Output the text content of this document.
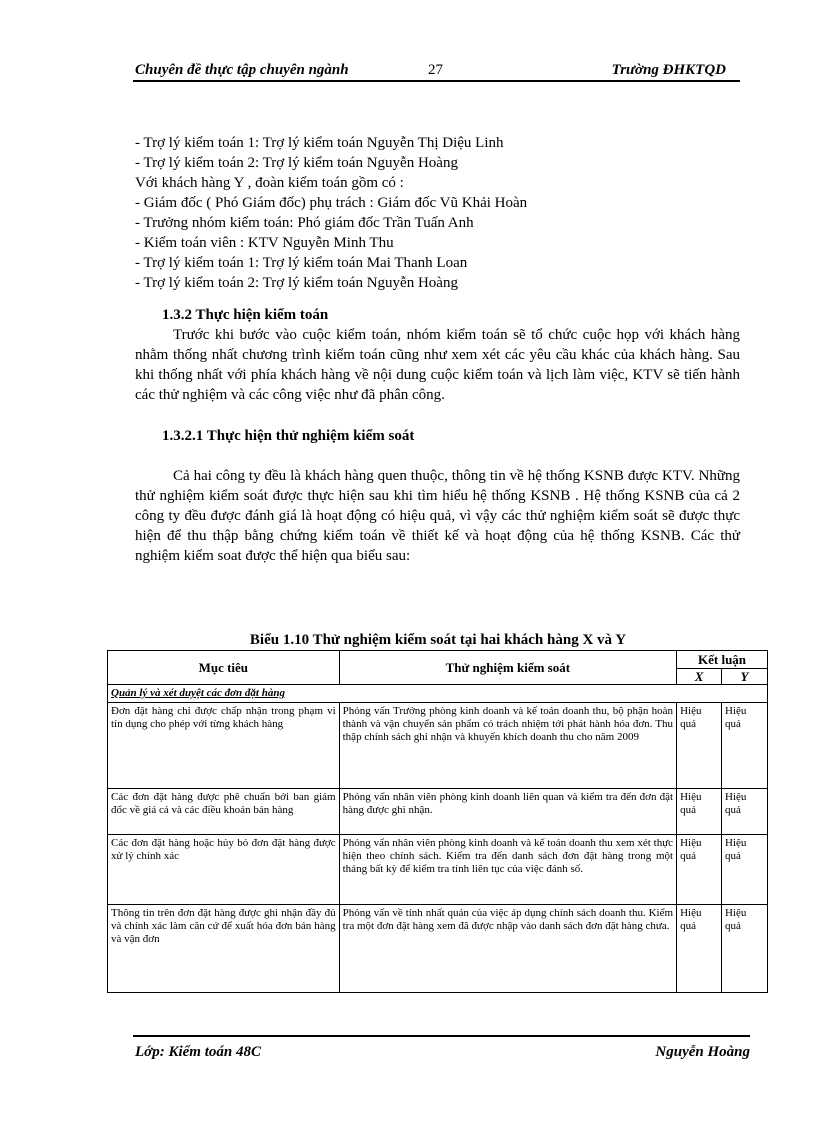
Chuyên đề thực tập chuyên ngành	27	Trường ĐHKTQD

- Trợ lý kiểm toán 1: Trợ lý kiểm toán Nguyễn Thị Diệu Linh

- Trợ lý kiểm toán 2: Trợ lý kiểm toán Nguyễn Hoàng

Với khách hàng Y , đoàn kiểm toán gồm có :

- Giám đốc ( Phó Giám đốc) phụ trách : Giám đốc Vũ Khải Hoàn

- Trưởng nhóm kiểm toán: Phó giám đốc Trần Tuấn Anh

- Kiểm toán viên : KTV Nguyễn Minh Thu

- Trợ lý kiểm toán 1: Trợ lý kiểm toán Mai Thanh Loan

- Trợ lý kiểm toán 2: Trợ lý kiểm toán Nguyễn Hoàng

1.3.2 Thực hiện kiểm toán

Trước khi bước vào cuộc kiểm toán, nhóm kiểm toán sẽ tổ chức cuộc họp với khách hàng nhằm thống nhất chương trình kiểm toán cũng như xem xét các yêu cầu khác của khách hàng. Sau khi thống nhất với phía khách hàng về nội dung cuộc kiểm toán và lịch làm việc, KTV sẽ tiến hành các thử nghiệm và các công việc như đã phân công.

1.3.2.1 Thực hiện thử nghiệm kiểm soát

Cả hai công ty đều là khách hàng quen thuộc, thông tin về hệ thống KSNB được KTV. Những thử nghiệm kiểm soát được thực hiện sau khi tìm hiểu hệ thống KSNB . Hệ thống KSNB của cả 2 công ty đều được đánh giá là hoạt động có hiệu quả, vì vậy các thử nghiệm kiểm soát sẽ được thực hiện để thu thập bằng chứng kiểm toán về thiết kế và hoạt động của hệ thống KSNB. Các thử nghiệm kiểm soat được thể hiện qua biểu sau:

Biểu 1.10 Thử nghiệm kiểm soát tại hai khách hàng X và Y
Mục tiêu	Thử nghiệm kiểm soát	Kết luận	
		X	Y
Quản lý và xét duyệt các đơn đặt hàng			
Đơn đặt hàng chỉ được chấp nhận trong phạm vi tín dụng cho phép với từng khách hàng	Phỏng vấn Trưởng phòng kinh doanh và kế toán doanh thu, bộ phận hoàn thành và vận chuyển sản phẩm có trách nhiệm tới phát hành hóa đơn. Thu thập chính sách ghi nhận và khuyến khích doanh thu cho năm 2009	Hiệu quả	Hiệu quả
Các đơn đặt hàng được phê chuẩn bởi ban giám đốc về giá cả và các điều khoản bán hàng	Phỏng vấn nhân viên phòng kinh doanh liên quan và kiểm tra đến đơn đặt hàng được ghi nhận.	Hiệu quả	Hiệu quả
Các đơn đặt hàng hoặc hủy bỏ đơn đặt hàng được xử lý chính xác	Phỏng vấn nhân viên phòng kinh doanh và kế toán doanh thu xem xét thực hiện theo chính sách. Kiểm tra đến danh sách đơn đặt hàng trong một tháng bất kỳ để kiểm tra tính liên tục của việc đánh số.	Hiệu quả	Hiệu quả
Thông tin trên đơn đặt hàng được ghi nhận đầy đủ và chính xác làm căn cứ để xuất hóa đơn bán hàng và vận đơn	Phỏng vấn về tính nhất quán của việc áp dụng chính sách doanh thu. Kiểm tra một đơn đặt hàng xem đã được nhập vào danh sách đơn đặt hàng chưa.	Hiệu quả	Hiệu quả
Lớp: Kiểm toán 48C	Nguyễn Hoàng
